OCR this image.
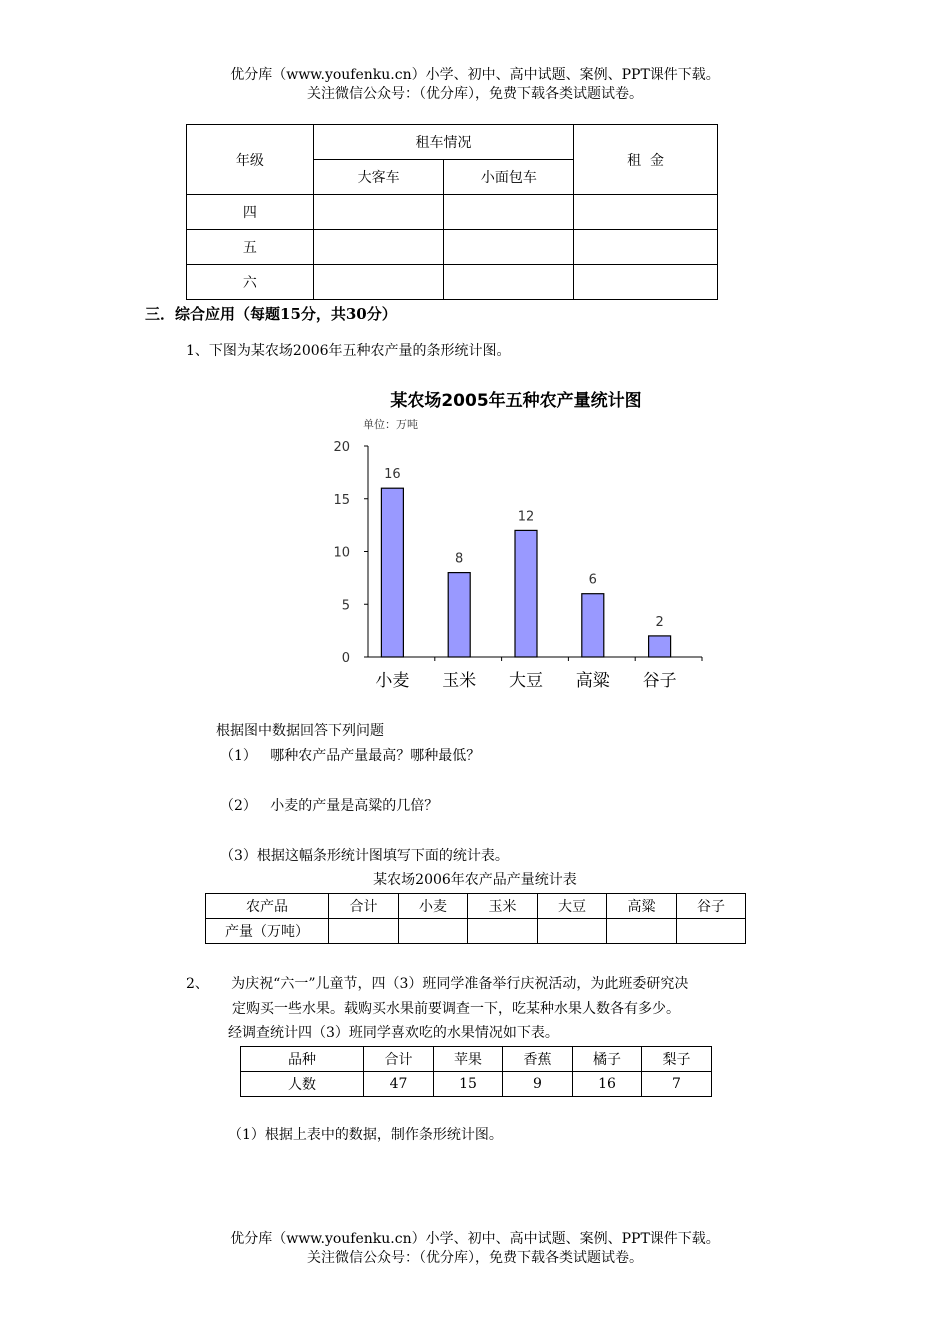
优分库（www.youfenku.cn）小学、初中、高中试题、案例、PPT课件下载。
关注微信公众号：（优分库），免费下载各类试题试卷。
年级	租车情况		租  金
	大客车	小面包车	
四			
五			
六			
三．综合应用（每题15分，共30分）
1、下图为某农场2006年五种农产量的条形统计图。
某农场2005年五种农产量统计图
单位：万吨
0
5
10
15
20
16
小麦
8
玉米
12
大豆
6
高粱
2
谷子
根据图中数据回答下列问题
（1）   哪种农产品产量最高？哪种最低？
（2）   小麦的产量是高粱的几倍？
（3）根据这幅条形统计图填写下面的统计表。
某农场2006年农产品产量统计表
农产品	合计	小麦	玉米	大豆	高粱	谷子
产量（万吨）						
2、     为庆祝“六一”儿童节，四（3）班同学准备举行庆祝活动，为此班委研究决
定购买一些水果。载购买水果前要调查一下，吃某种水果人数各有多少。
经调查统计四（3）班同学喜欢吃的水果情况如下表。
品种	合计	苹果	香蕉	橘子	梨子
人数	47	15	9	16	7
（1）根据上表中的数据，制作条形统计图。
优分库（www.youfenku.cn）小学、初中、高中试题、案例、PPT课件下载。
关注微信公众号：（优分库），免费下载各类试题试卷。
